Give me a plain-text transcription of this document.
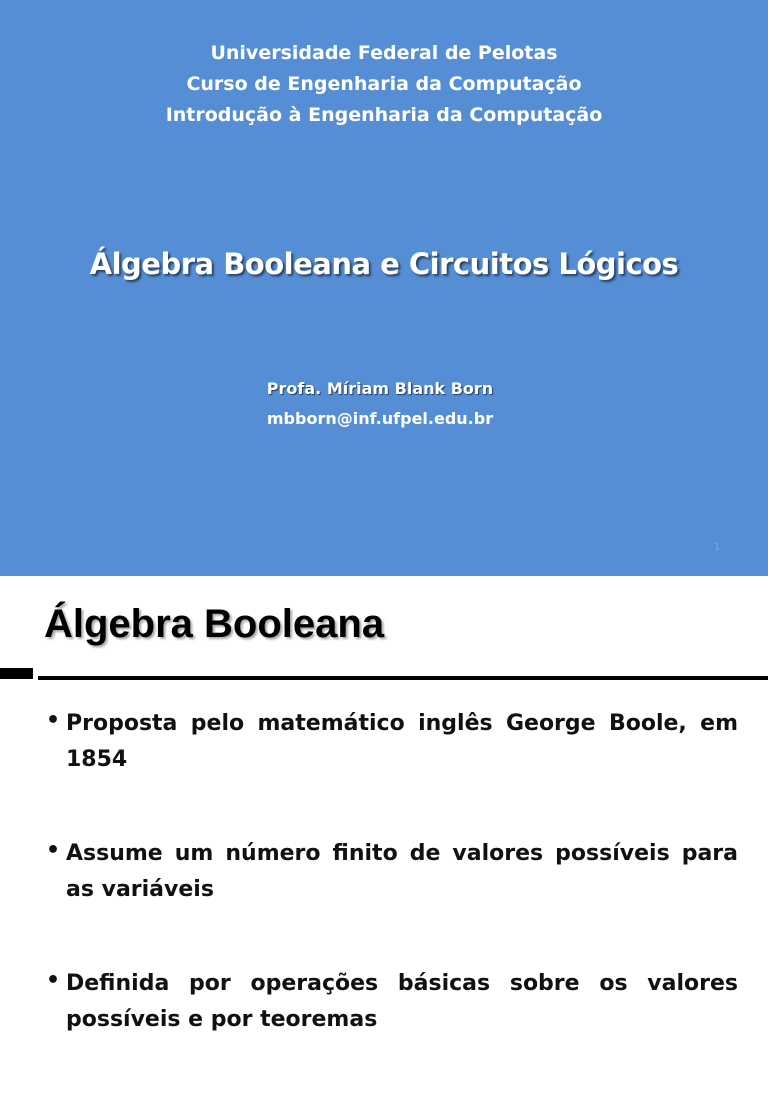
Universidade Federal de Pelotas
Curso de Engenharia da Computação
Introdução à Engenharia da Computação
Álgebra Booleana e Circuitos Lógicos
Profa. Míriam Blank Born
mbborn@inf.ufpel.edu.br
1
Álgebra Booleana
• Proposta pelo matemático inglês George Boole, em 1854
• Assume um número finito de valores possíveis para as variáveis
• Definida por operações básicas sobre os valores possíveis e por teoremas
